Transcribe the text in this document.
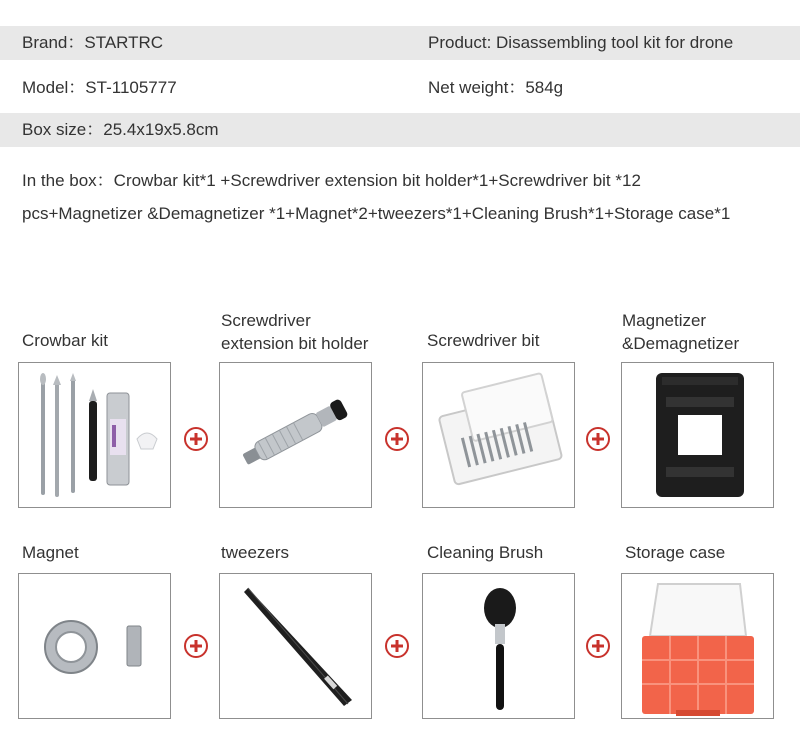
Brand：STARTRC	Product: Disassembling tool kit for drone
Model：ST-1105777	Net weight：584g
Box size：25.4x19x5.8cm
In the box：Crowbar kit*1 +Screwdriver extension bit holder*1+Screwdriver bit *12
pcs+Magnetizer &Demagnetizer *1+Magnet*2+tweezers*1+Cleaning Brush*1+Storage case*1
Crowbar kit
Screwdriver
extension bit holder	Screwdriver bit
Magnetizer
&Demagnetizer
Magnet	tweezers	Cleaning Brush	Storage case
